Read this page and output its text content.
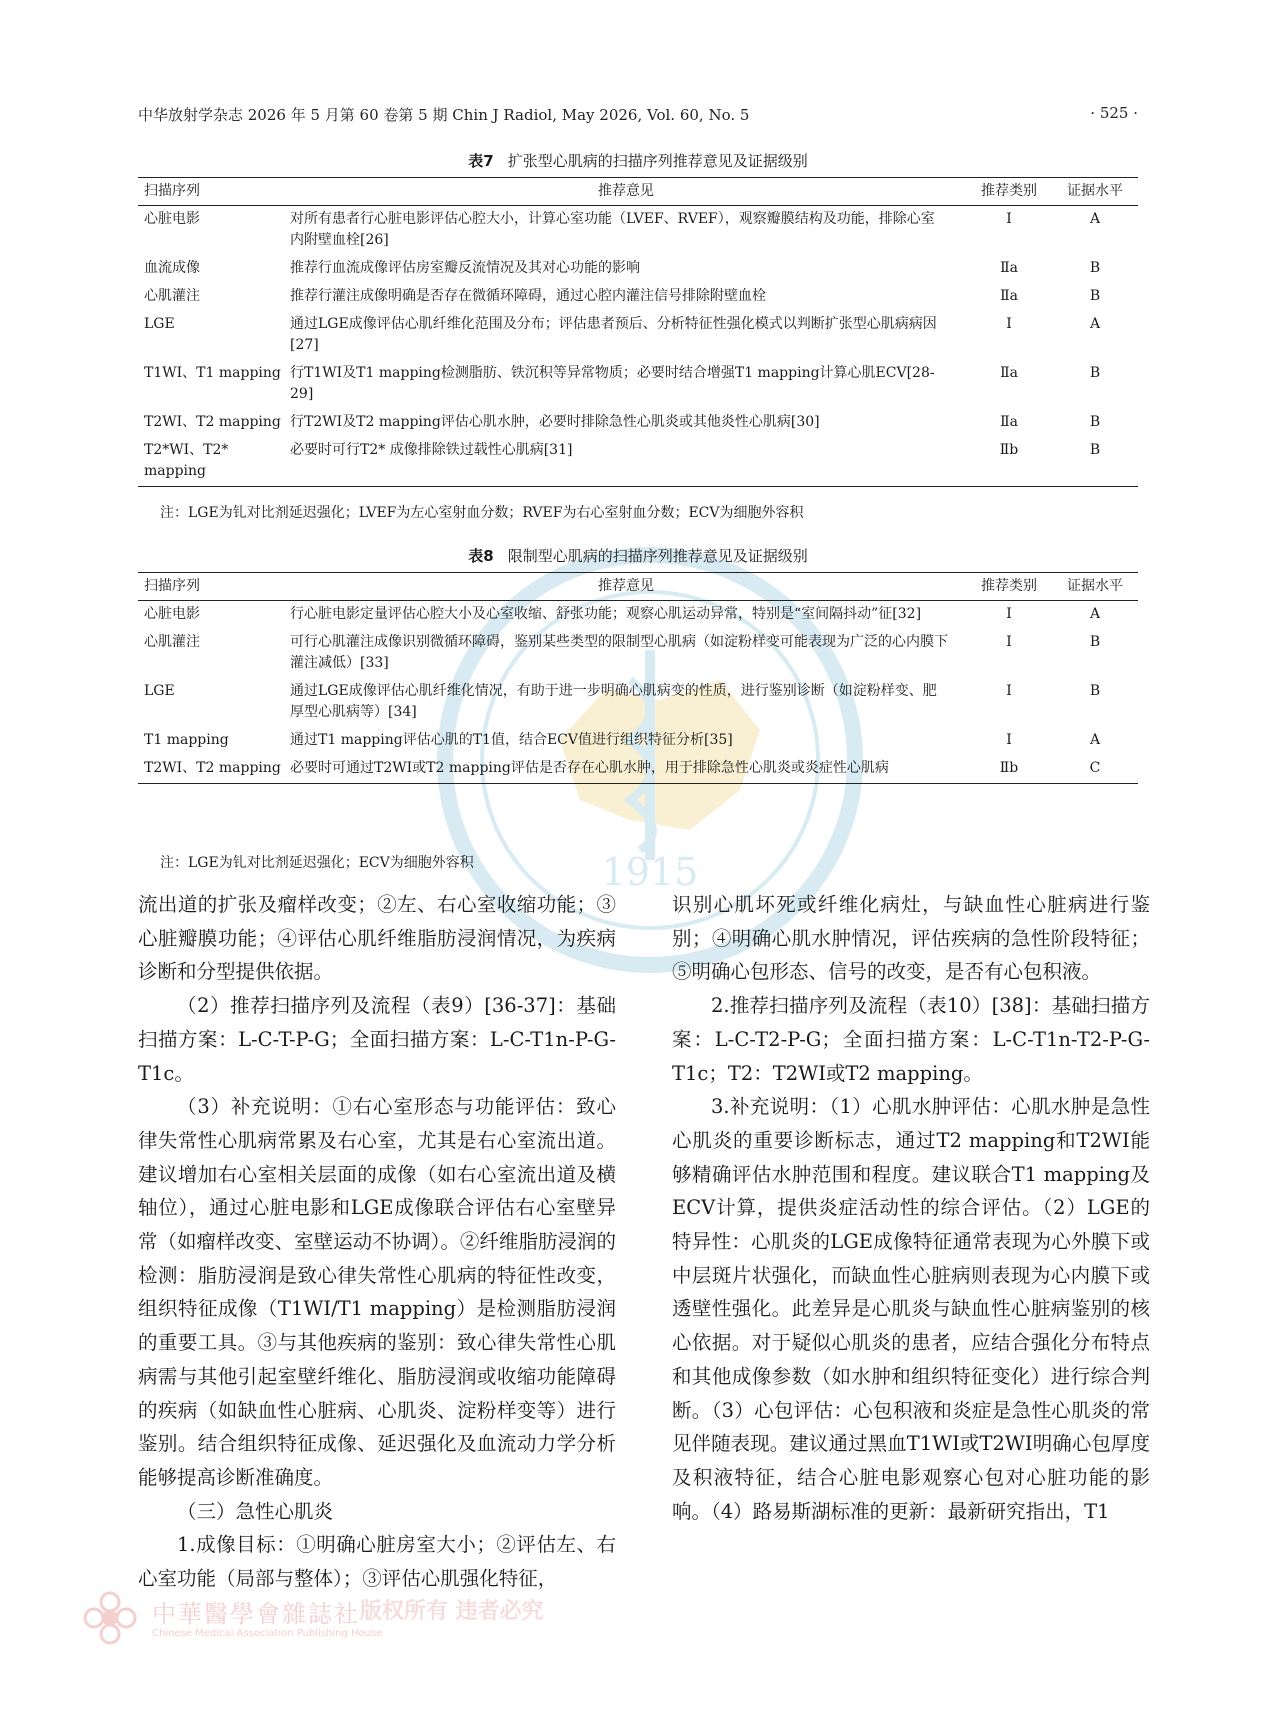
中华放射学杂志 2026 年 5 月第 60 卷第 5 期 Chin J Radiol, May 2026, Vol. 60, No. 5	· 525 ·
1915
表7 扩张型心肌病的扫描序列推荐意见及证据级别
扫描序列	推荐意见	推荐类别	证据水平
心脏电影	对所有患者行心脏电影评估心腔大小，计算心室功能（LVEF、RVEF），观察瓣膜结构及功能，排除心室内附壁血栓[26]	Ⅰ	A
血流成像	推荐行血流成像评估房室瓣反流情况及其对心功能的影响	Ⅱa	B
心肌灌注	推荐行灌注成像明确是否存在微循环障碍，通过心腔内灌注信号排除附壁血栓	Ⅱa	B
LGE	通过LGE成像评估心肌纤维化范围及分布；评估患者预后、分析特征性强化模式以判断扩张型心肌病病因[27]	Ⅰ	A
T1WI、T1 mapping	行T1WI及T1 mapping检测脂肪、铁沉积等异常物质；必要时结合增强T1 mapping计算心肌ECV[28-29]	Ⅱa	B
T2WI、T2 mapping	行T2WI及T2 mapping评估心肌水肿，必要时排除急性心肌炎或其他炎性心肌病[30]	Ⅱa	B
T2*WI、T2* mapping	必要时可行T2* 成像排除铁过载性心肌病[31]	Ⅱb	B
注：LGE为钆对比剂延迟强化；LVEF为左心室射血分数；RVEF为右心室射血分数；ECV为细胞外容积
表8 限制型心肌病的扫描序列推荐意见及证据级别
扫描序列	推荐意见	推荐类别	证据水平
心脏电影	行心脏电影定量评估心腔大小及心室收缩、舒张功能；观察心肌运动异常，特别是“室间隔抖动”征[32]	Ⅰ	A
心肌灌注	可行心肌灌注成像识别微循环障碍，鉴别某些类型的限制型心肌病（如淀粉样变可能表现为广泛的心内膜下灌注减低）[33]	Ⅰ	B
LGE	通过LGE成像评估心肌纤维化情况，有助于进一步明确心肌病变的性质，进行鉴别诊断（如淀粉样变、肥厚型心肌病等）[34]	Ⅰ	B
T1 mapping	通过T1 mapping评估心肌的T1值，结合ECV值进行组织特征分析[35]	Ⅰ	A
T2WI、T2 mapping	必要时可通过T2WI或T2 mapping评估是否存在心肌水肿，用于排除急性心肌炎或炎症性心肌病	Ⅱb	C
注：LGE为钆对比剂延迟强化；ECV为细胞外容积

流出道的扩张及瘤样改变；②左、右心室收缩功能；③心脏瓣膜功能；④评估心肌纤维脂肪浸润情况，为疾病诊断和分型提供依据。

（2）推荐扫描序列及流程（表9）[36-37]：基础扫描方案：L-C-T-P-G；全面扫描方案：L-C-T1n-P-G-T1c。

（3）补充说明：①右心室形态与功能评估：致心律失常性心肌病常累及右心室，尤其是右心室流出道。建议增加右心室相关层面的成像（如右心室流出道及横轴位），通过心脏电影和LGE成像联合评估右心室壁异常（如瘤样改变、室壁运动不协调）。②纤维脂肪浸润的检测：脂肪浸润是致心律失常性心肌病的特征性改变，组织特征成像（T1WI/T1 mapping）是检测脂肪浸润的重要工具。③与其他疾病的鉴别：致心律失常性心肌病需与其他引起室壁纤维化、脂肪浸润或收缩功能障碍的疾病（如缺血性心脏病、心肌炎、淀粉样变等）进行鉴别。结合组织特征成像、延迟强化及血流动力学分析能够提高诊断准确度。

（三）急性心肌炎

1.成像目标：①明确心脏房室大小；②评估左、右心室功能（局部与整体）；③评估心肌强化特征，

识别心肌坏死或纤维化病灶，与缺血性心脏病进行鉴别；④明确心肌水肿情况，评估疾病的急性阶段特征；⑤明确心包形态、信号的改变，是否有心包积液。

2.推荐扫描序列及流程（表10）[38]：基础扫描方案：L-C-T2-P-G；全面扫描方案：L-C-T1n-T2-P-G-T1c；T2：T2WI或T2 mapping。

3.补充说明：（1）心肌水肿评估：心肌水肿是急性心肌炎的重要诊断标志，通过T2 mapping和T2WI能够精确评估水肿范围和程度。建议联合T1 mapping及ECV计算，提供炎症活动性的综合评估。（2）LGE的特异性：心肌炎的LGE成像特征通常表现为心外膜下或中层斑片状强化，而缺血性心脏病则表现为心内膜下或透壁性强化。此差异是心肌炎与缺血性心脏病鉴别的核心依据。对于疑似心肌炎的患者，应结合强化分布特点和其他成像参数（如水肿和组织特征变化）进行综合判断。（3）心包评估：心包积液和炎症是急性心肌炎的常见伴随表现。建议通过黑血T1WI或T2WI明确心包厚度及积液特征，结合心脏电影观察心包对心脏功能的影响。（4）路易斯湖标准的更新：最新研究指出，T1

中華醫學會雜誌社
Chinese Medical Association Publishing House
版权所有 违者必究
